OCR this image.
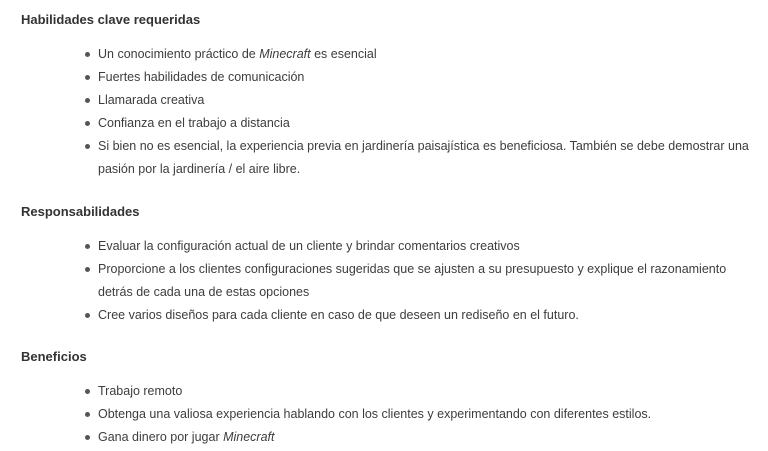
Habilidades clave requeridas
Un conocimiento práctico de Minecraft es esencial
Fuertes habilidades de comunicación
Llamarada creativa
Confianza en el trabajo a distancia
Si bien no es esencial, la experiencia previa en jardinería paisajística es beneficiosa. También se debe demostrar una pasión por la jardinería / el aire libre.
Responsabilidades
Evaluar la configuración actual de un cliente y brindar comentarios creativos
Proporcione a los clientes configuraciones sugeridas que se ajusten a su presupuesto y explique el razonamiento detrás de cada una de estas opciones
Cree varios diseños para cada cliente en caso de que deseen un rediseño en el futuro.
Beneficios
Trabajo remoto
Obtenga una valiosa experiencia hablando con los clientes y experimentando con diferentes estilos.
Gana dinero por jugar Minecraft
